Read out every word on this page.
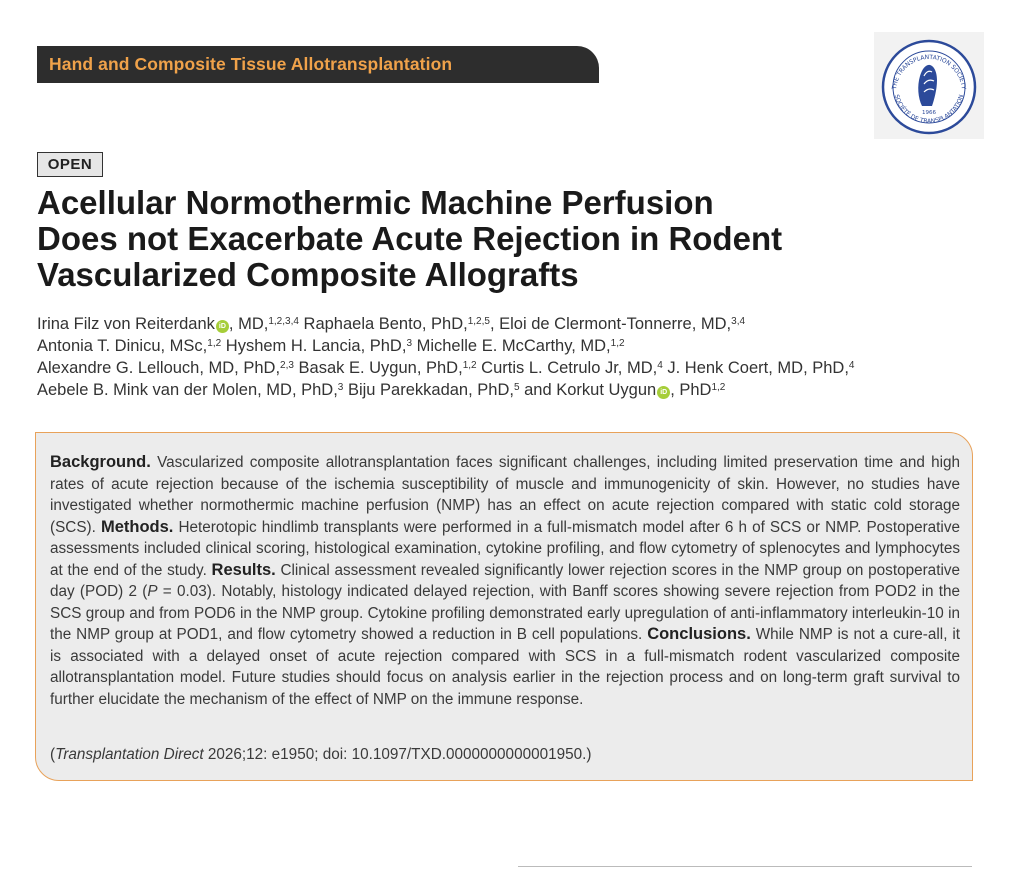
Hand and Composite Tissue Allotransplantation
THE TRANSPLANTATION SOCIETY
SOCIÉTÉ DE TRANSPLANTATION
1966
OPEN
Acellular Normothermic Machine Perfusion
Does not Exacerbate Acute Rejection in Rodent
Vascularized Composite Allografts
Irina Filz von Reiterdank iD , MD,$^{1,2,3,4}$ Raphaela Bento, PhD,$^{1,2,5}$, Eloi de Clermont-Tonnerre, MD,$^{3,4}$
Antonia T. Dinicu, MSc,$^{1,2}$ Hyshem H. Lancia, PhD,$^3$ Michelle E. McCarthy, MD,$^{1,2}$
Alexandre G. Lellouch, MD, PhD,$^{2,3}$ Basak E. Uygun, PhD,$^{1,2}$ Curtis L. Cetrulo Jr, MD,$^4$ J. Henk Coert, MD, PhD,$^4$
Aebele B. Mink van der Molen, MD, PhD,$^3$ Biju Parekkadan, PhD,$^5$ and Korkut Uygun iD , PhD$^{1,2}$
Background. Vascularized composite allotransplantation faces significant challenges, including limited preservation time and high rates of acute rejection because of the ischemia susceptibility of muscle and immunogenicity of skin. However, no studies have investigated whether normothermic machine perfusion (NMP) has an effect on acute rejection compared with static cold storage (SCS). Methods. Heterotopic hindlimb transplants were performed in a full-mismatch model after 6 h of SCS or NMP. Postoperative assessments included clinical scoring, histological examination, cytokine profiling, and flow cytometry of splenocytes and lymphocytes at the end of the study. Results. Clinical assessment revealed significantly lower rejection scores in the NMP group on postoperative day (POD) 2 (P = 0.03). Notably, histology indicated delayed rejection, with Banff scores showing severe rejection from POD2 in the SCS group and from POD6 in the NMP group. Cytokine profiling demonstrated early upregulation of anti-inflammatory interleukin-10 in the NMP group at POD1, and flow cytometry showed a reduction in B cell populations. Conclusions. While NMP is not a cure-all, it is associated with a delayed onset of acute rejection compared with SCS in a full-mismatch rodent vascularized composite allotransplantation model. Future studies should focus on analysis earlier in the rejection process and on long-term graft survival to further elucidate the mechanism of the effect of NMP on the immune response.
(Transplantation Direct 2026;12: e1950; doi: 10.1097/TXD.0000000000001950.)
